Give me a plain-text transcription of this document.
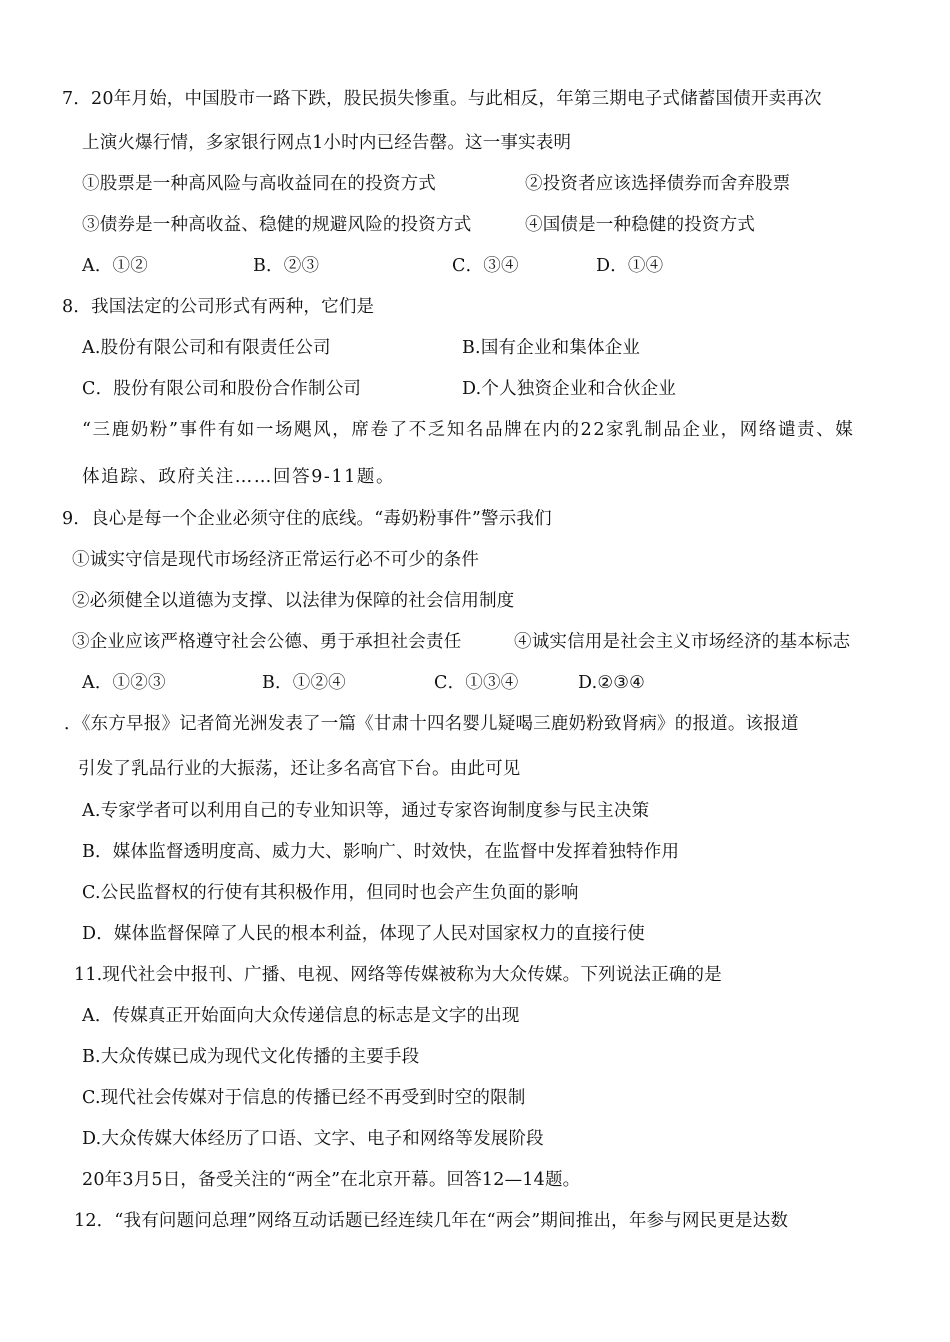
7．20年月始，中国股市一路下跌，股民损失惨重。与此相反，年第三期电子式储蓄国债开卖再次
上演火爆行情，多家银行网点1小时内已经告罄。这一事实表明
①股票是一种高风险与高收益同在的投资方式	②投资者应该选择债券而舍弃股票
③债券是一种高收益、稳健的规避风险的投资方式	④国债是一种稳健的投资方式
A．①②	B．②③	C．③④	D．①④
8．我国法定的公司形式有两种，它们是
A.股份有限公司和有限责任公司	B.国有企业和集体企业
C．股份有限公司和股份合作制公司	D.个人独资企业和合伙企业
“三鹿奶粉”事件有如一场飓风，席卷了不乏知名品牌在内的22家乳制品企业，网络谴责、媒
体追踪、政府关注……回答9-11题。
9．良心是每一个企业必须守住的底线。“毒奶粉事件”警示我们
①诚实守信是现代市场经济正常运行必不可少的条件
②必须健全以道德为支撑、以法律为保障的社会信用制度
③企业应该严格遵守社会公德、勇于承担社会责任	④诚实信用是社会主义市场经济的基本标志
A．①②③	B．①②④	C．①③④	D.②③④
．《东方早报》记者简光洲发表了一篇《甘肃十四名婴儿疑喝三鹿奶粉致肾病》的报道。该报道
引发了乳品行业的大振荡，还让多名高官下台。由此可见
A.专家学者可以利用自己的专业知识等，通过专家咨询制度参与民主决策
B．媒体监督透明度高、威力大、影响广、时效快，在监督中发挥着独特作用
C.公民监督权的行使有其积极作用，但同时也会产生负面的影响
D．媒体监督保障了人民的根本利益，体现了人民对国家权力的直接行使
11.现代社会中报刊、广播、电视、网络等传媒被称为大众传媒。下列说法正确的是
A．传媒真正开始面向大众传递信息的标志是文字的出现
B.大众传媒已成为现代文化传播的主要手段
C.现代社会传媒对于信息的传播已经不再受到时空的限制
D.大众传媒大体经历了口语、文字、电子和网络等发展阶段
20年3月5日，备受关注的“两全”在北京开幕。回答12—14题。
12．“我有问题问总理”网络互动话题已经连续几年在“两会”期间推出，年参与网民更是达数
